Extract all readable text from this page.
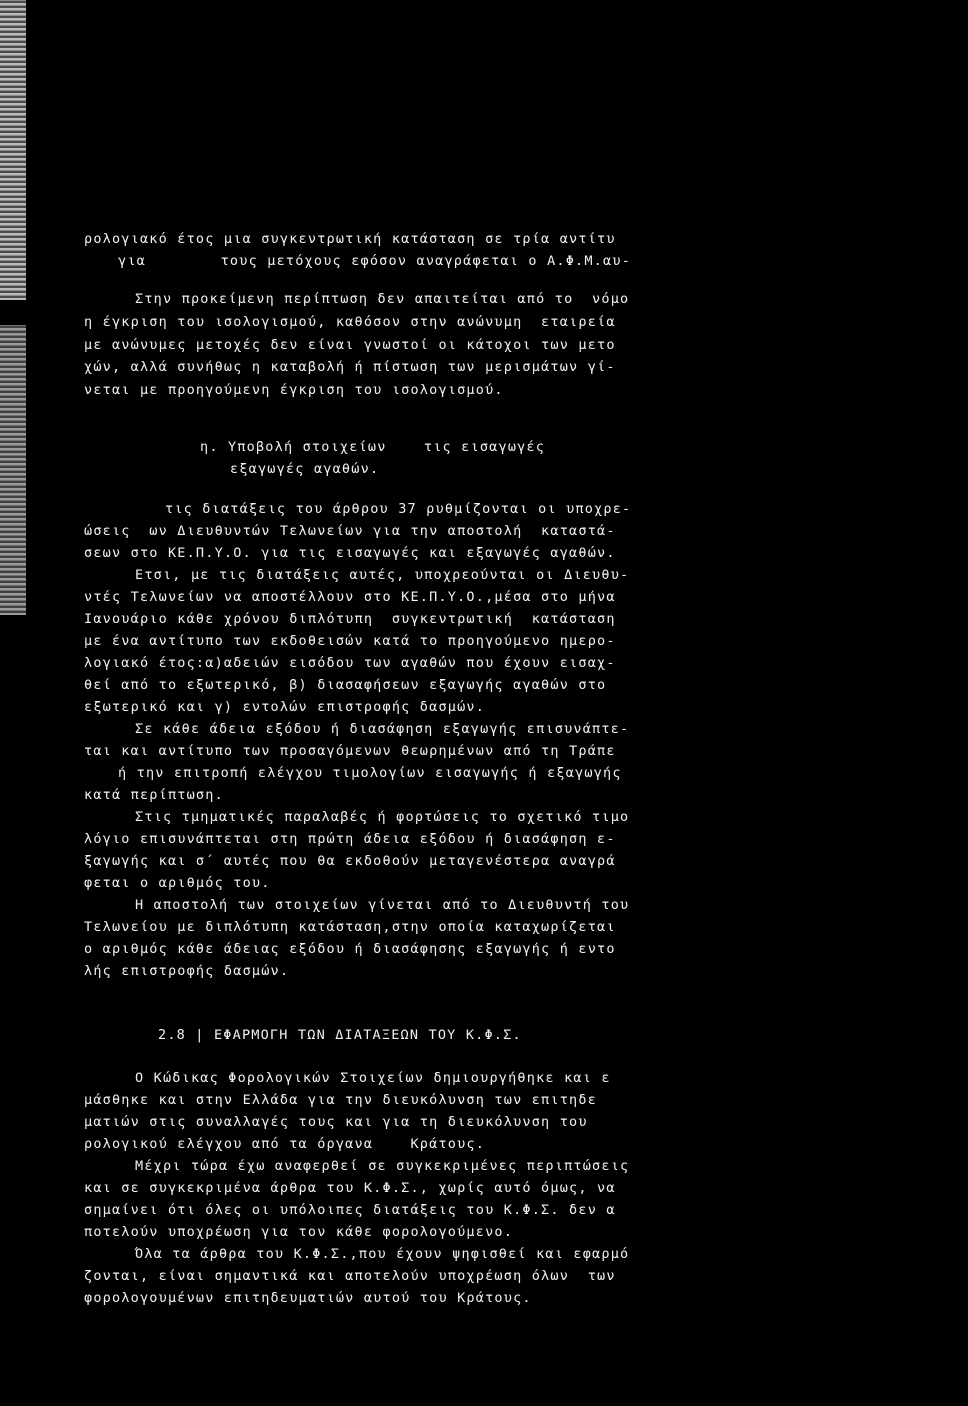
ρολογιακό έτος μια συγκεντρωτική κατάσταση σε τρία αντίτυ
για        τους μετόχους εφόσον αναγράφεται ο Α.Φ.Μ.αυ-
Στην προκείμενη περίπτωση δεν απαιτείται από το  νόμο
η έγκριση του ισολογισμού, καθόσον στην ανώνυμη  εταιρεία
με ανώνυμες μετοχές δεν είναι γνωστοί οι κάτοχοι των μετο
χών, αλλά συνήθως η καταβολή ή πίστωση των μερισμάτων γί-
νεται με προηγούμενη έγκριση του ισολογισμού.
η. Υποβολή στοιχείων    τις εισαγωγές
εξαγωγές αγαθών.
τις διατάξεις του άρθρου 37 ρυθμίζονται οι υποχρε-
ώσεις  ων Διευθυντών Τελωνείων για την αποστολή  καταστά-
σεων στο ΚΕ.Π.Υ.Ο. για τις εισαγωγές και εξαγωγές αγαθών.
Ετσι, με τις διατάξεις αυτές, υποχρεούνται οι Διευθυ-
ντές Τελωνείων να αποστέλλουν στο ΚΕ.Π.Υ.Ο.,μέσα στο μήνα
Ιανουάριο κάθε χρόνου διπλότυπη  συγκεντρωτική  κατάσταση
με ένα αντίτυπο των εκδοθεισών κατά το προηγούμενο ημερο-
λογιακό έτος:α)αδειών εισόδου των αγαθών που έχουν εισαχ-
θεί από το εξωτερικό, β) διασαφήσεων εξαγωγής αγαθών στο
εξωτερικό και γ) εντολών επιστροφής δασμών.
Σε κάθε άδεια εξόδου ή διασάφηση εξαγωγής επισυνάπτε-
ται και αντίτυπο των προσαγόμενων θεωρημένων από τη Τράπε
ή την επιτροπή ελέγχου τιμολογίων εισαγωγής ή εξαγωγής
κατά περίπτωση.
Στις τμηματικές παραλαβές ή φορτώσεις το σχετικό τιμο
λόγιο επισυνάπτεται στη πρώτη άδεια εξόδου ή διασάφηση ε-
ξαγωγής και σ΄ αυτές που θα εκδοθούν μεταγενέστερα αναγρά
φεται ο αριθμός του.
Η αποστολή των στοιχείων γίνεται από το Διευθυντή του
Τελωνείου με διπλότυπη κατάσταση,στην οποία καταχωρίζεται
ο αριθμός κάθε άδειας εξόδου ή διασάφησης εξαγωγής ή εντο
λής επιστροφής δασμών.
2.8 | ΕΦΑΡΜΟΓΗ ΤΩΝ ΔΙΑΤΑΞΕΩΝ ΤΟΥ Κ.Φ.Σ.
Ο Κώδικας Φορολογικών Στοιχείων δημιουργήθηκε και ε
μάσθηκε και στην Ελλάδα για την διευκόλυνση των επιτηδε
ματιών στις συναλλαγές τους και για τη διευκόλυνση του
ρολογικού ελέγχου από τα όργανα    Κράτους.
Μέχρι τώρα έχω αναφερθεί σε συγκεκριμένες περιπτώσεις
και σε συγκεκριμένα άρθρα του Κ.Φ.Σ., χωρίς αυτό όμως, να
σημαίνει ότι όλες οι υπόλοιπες διατάξεις του Κ.Φ.Σ. δεν α
ποτελούν υποχρέωση για τον κάθε φορολογούμενο.
Όλα τα άρθρα του Κ.Φ.Σ.,που έχουν ψηφισθεί και εφαρμό
ζονται, είναι σημαντικά και αποτελούν υποχρέωση όλων  των
φορολογουμένων επιτηδευματιών αυτού του Κράτους.
